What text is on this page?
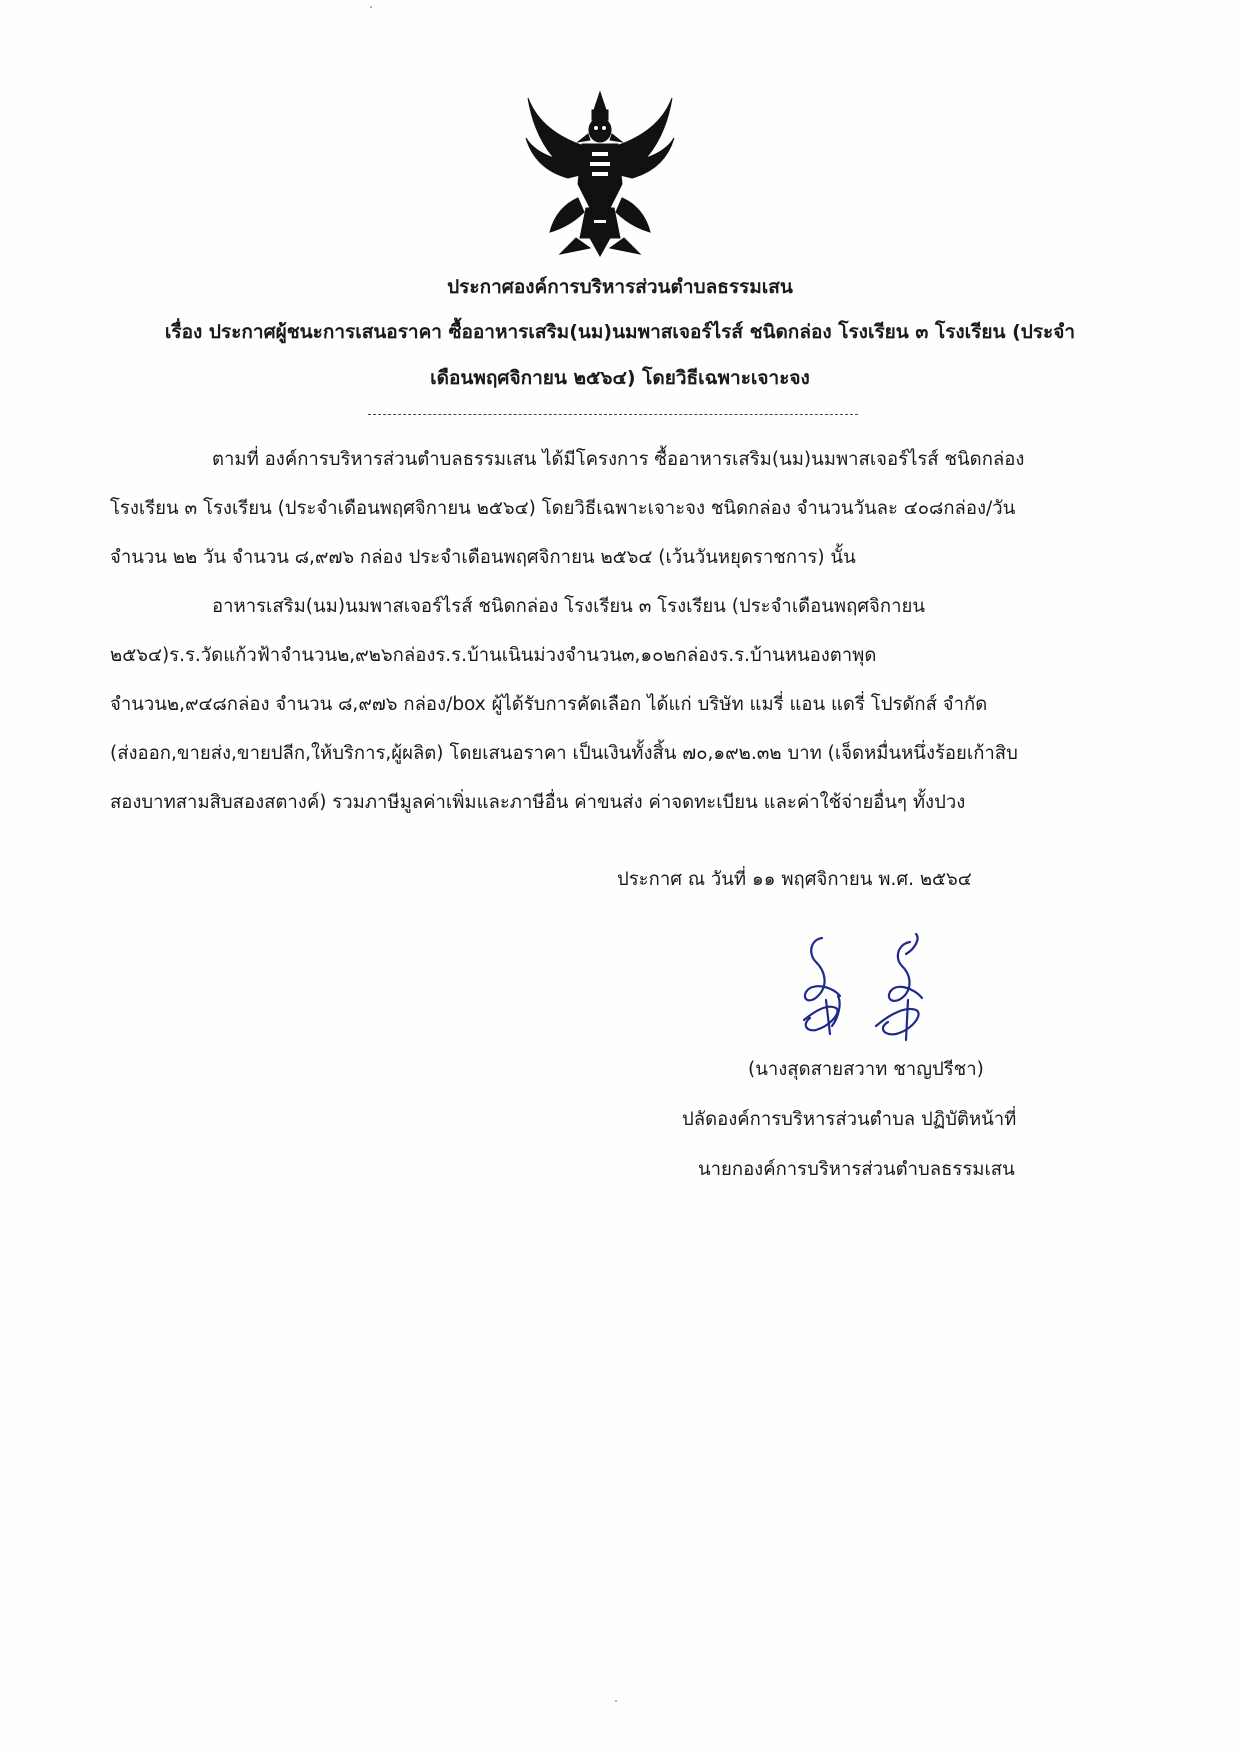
ประกาศองค์การบริหารส่วนตำบลธรรมเสน
เรื่อง ประกาศผู้ชนะการเสนอราคา ซื้ออาหารเสริม(นม)นมพาสเจอร์ไรส์ ชนิดกล่อง โรงเรียน ๓ โรงเรียน (ประจำ
เดือนพฤศจิกายน ๒๕๖๔) โดยวิธีเฉพาะเจาะจง
ตามที่ องค์การบริหารส่วนตำบลธรรมเสน ได้มีโครงการ ซื้ออาหารเสริม(นม)นมพาสเจอร์ไรส์ ชนิดกล่อง
โรงเรียน ๓ โรงเรียน (ประจำเดือนพฤศจิกายน ๒๕๖๔) โดยวิธีเฉพาะเจาะจง ชนิดกล่อง จำนวนวันละ ๔๐๘กล่อง/วัน
จำนวน ๒๒ วัน จำนวน ๘,๙๗๖ กล่อง ประจำเดือนพฤศจิกายน ๒๕๖๔ (เว้นวันหยุดราชการ) นั้น
อาหารเสริม(นม)นมพาสเจอร์ไรส์ ชนิดกล่อง โรงเรียน ๓ โรงเรียน (ประจำเดือนพฤศจิกายน
๒๕๖๔)ร.ร.วัดแก้วฟ้าจำนวน๒,๙๒๖กล่องร.ร.บ้านเนินม่วงจำนวน๓,๑๐๒กล่องร.ร.บ้านหนองตาพุด
จำนวน๒,๙๔๘กล่อง จำนวน ๘,๙๗๖ กล่อง/box ผู้ได้รับการคัดเลือก ได้แก่ บริษัท แมรี่ แอน แดรี่ โปรดักส์ จำกัด
(ส่งออก,ขายส่ง,ขายปลีก,ให้บริการ,ผู้ผลิต) โดยเสนอราคา เป็นเงินทั้งสิ้น ๗๐,๑๙๒.๓๒ บาท (เจ็ดหมื่นหนึ่งร้อยเก้าสิบ
สองบาทสามสิบสองสตางค์) รวมภาษีมูลค่าเพิ่มและภาษีอื่น ค่าขนส่ง ค่าจดทะเบียน และค่าใช้จ่ายอื่นๆ ทั้งปวง
ประกาศ ณ วันที่ ๑๑ พฤศจิกายน พ.ศ. ๒๕๖๔
(นางสุดสายสวาท ชาญปรีชา)
ปลัดองค์การบริหารส่วนตำบล ปฏิบัติหน้าที่
นายกองค์การบริหารส่วนตำบลธรรมเสน
